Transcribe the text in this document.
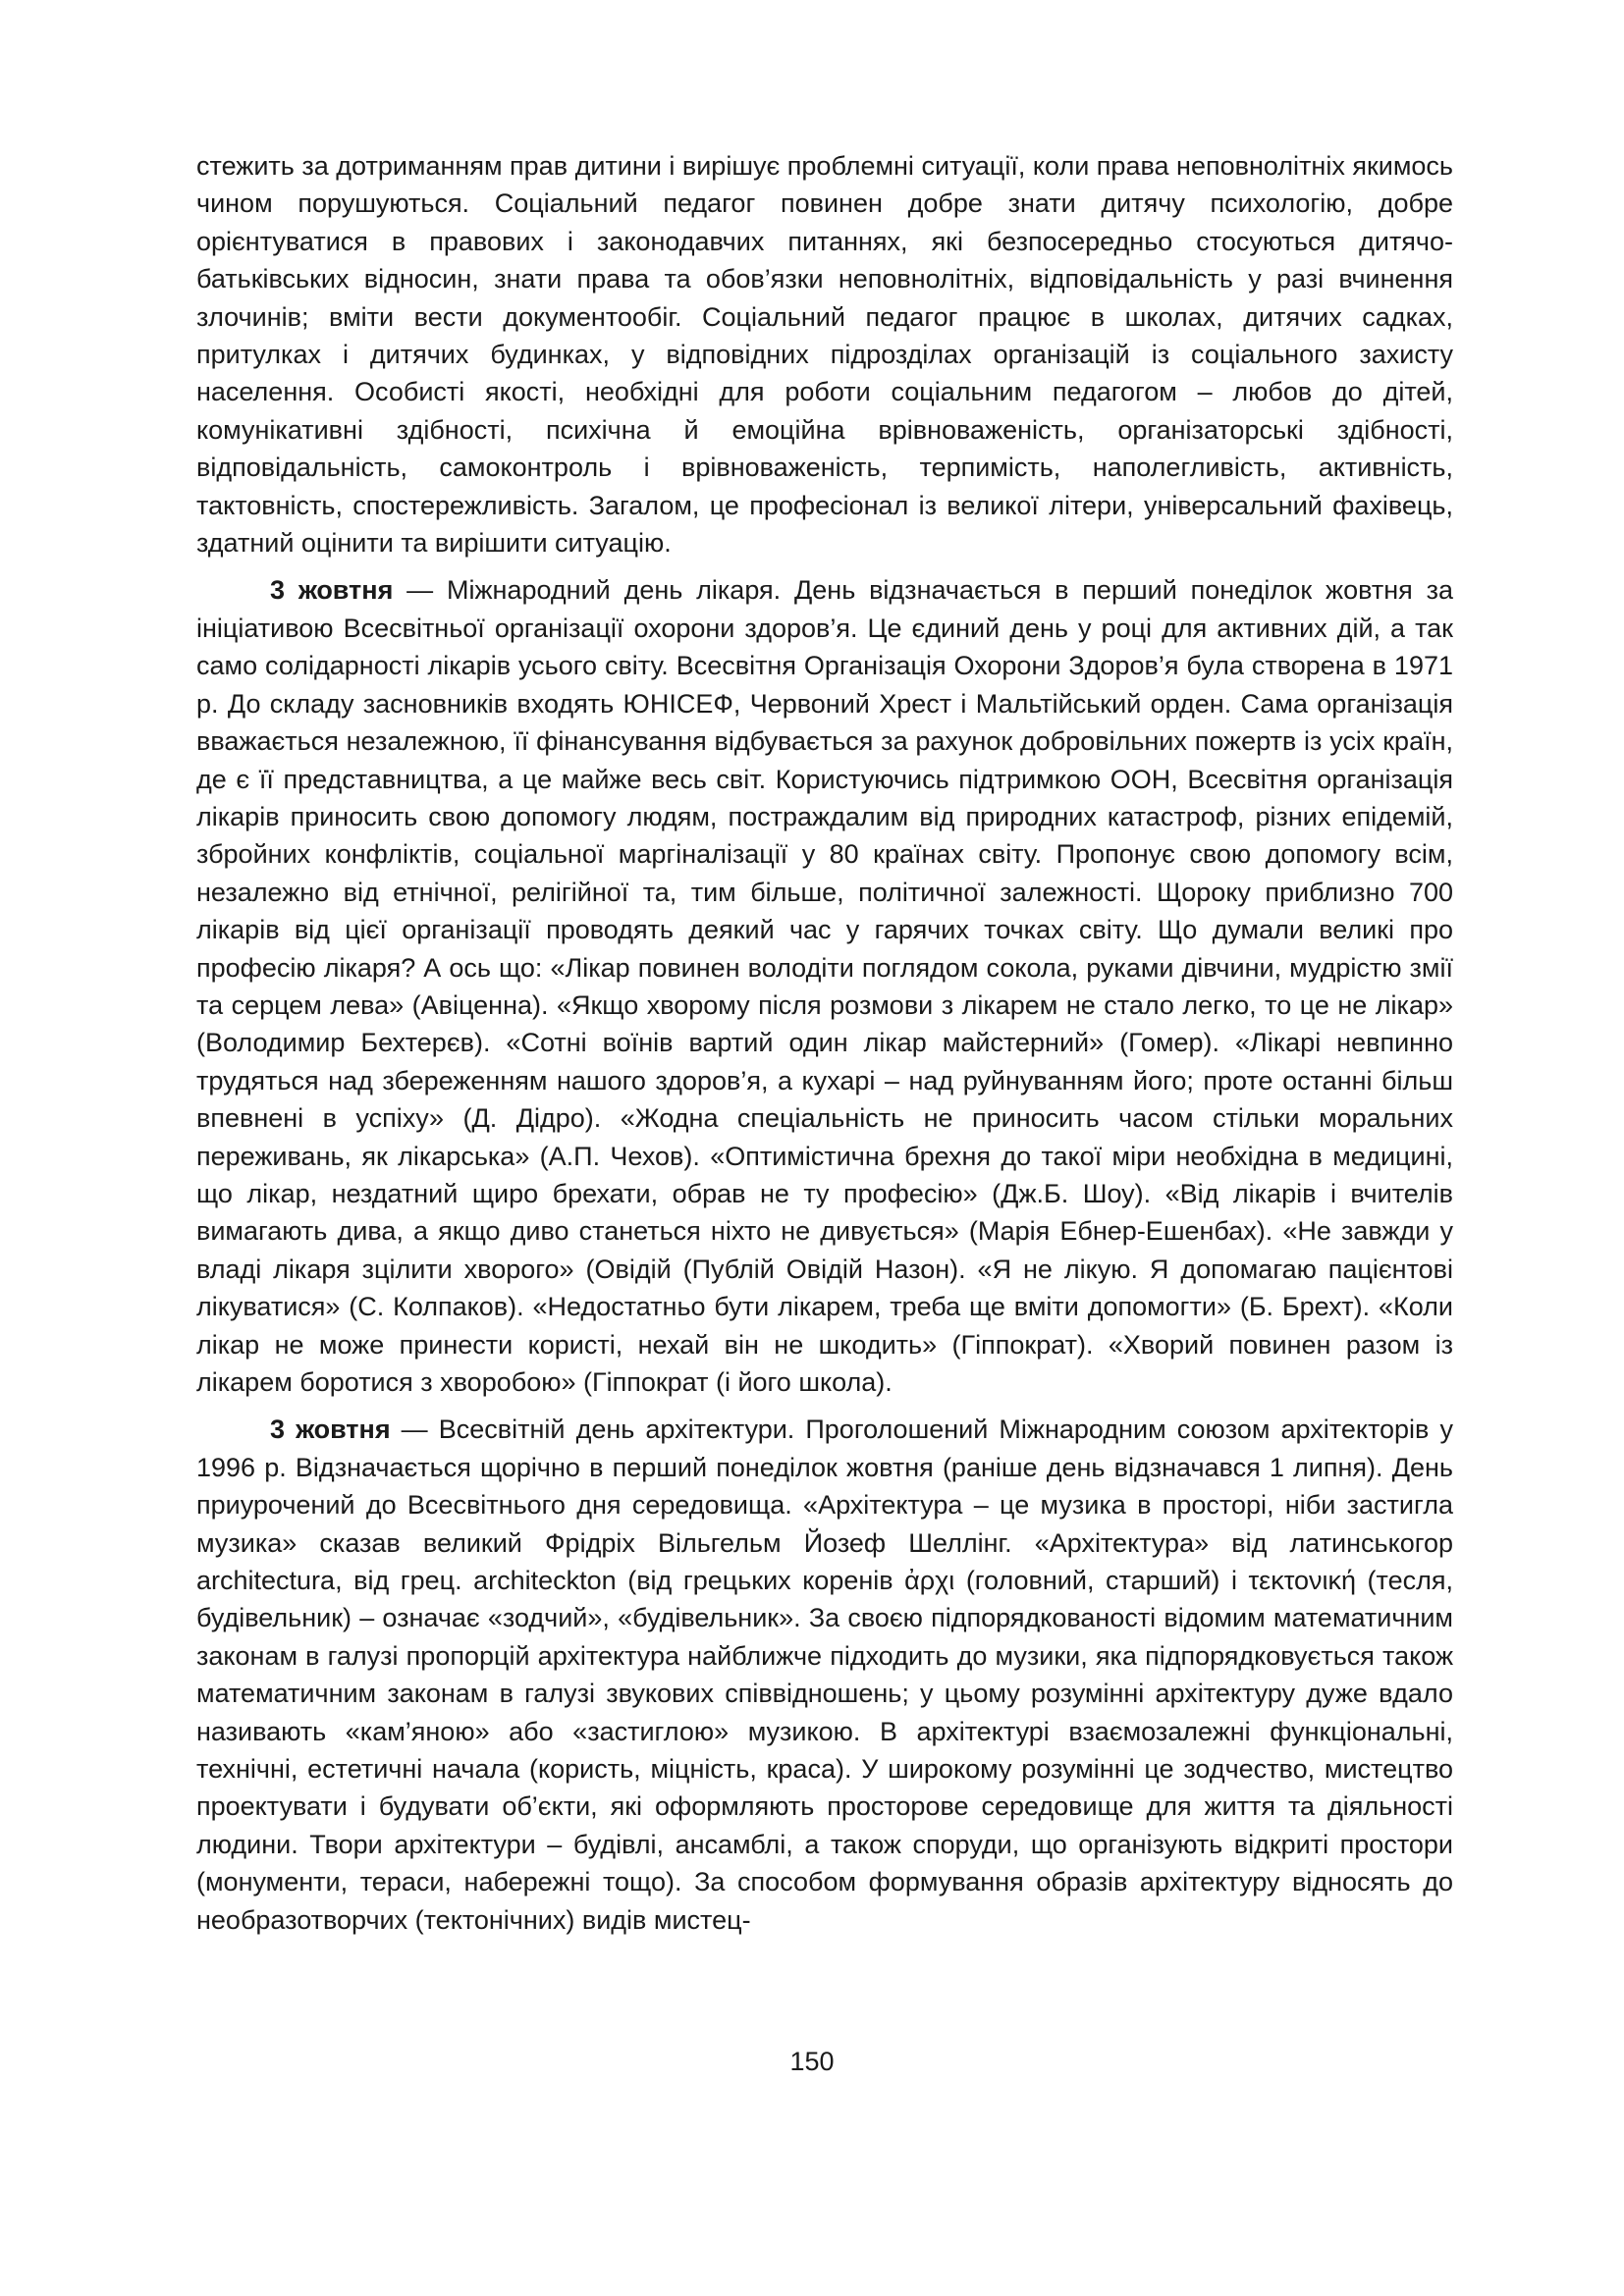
стежить за дотриманням прав дитини і вирішує проблемні ситуації, коли права неповнолітніх якимось чином порушуються. Соціальний педагог повинен добре знати дитячу психологію, добре орієнтуватися в правових і законодавчих питаннях, які безпосередньо стосуються дитячо-батьківських відносин, знати права та обов’язки неповнолітніх, відповідальність у разі вчинення злочинів; вміти вести документообіг. Соціальний педагог працює в школах, дитячих садках, притулках і дитячих будинках, у відповідних підрозділах організацій із соціального захисту населення. Особисті якості, необхідні для роботи соціальним педагогом – любов до дітей, комунікативні здібності, психічна й емоційна врівноваженість, організаторські здібності, відповідальність, самоконтроль і врівноваженість, терпимість, наполегливість, активність, тактовність, спостережливість. Загалом, це професіонал із великої літери, універсальний фахівець, здатний оцінити та вирішити ситуацію.

3 жовтня — Міжнародний день лікаря. День відзначається в перший понеділок жовтня за ініціативою Всесвітньої організації охорони здоров’я. Це єдиний день у році для активних дій, а так само солідарності лікарів усього світу. Всесвітня Організація Охорони Здоров’я була створена в 1971 р. До складу засновників входять ЮНІСЕФ, Червоний Хрест і Мальтійський орден. Сама організація вважається незалежною, її фінансування відбувається за рахунок добровільних пожертв із усіх країн, де є її представництва, а це майже весь світ. Користуючись підтримкою ООН, Всесвітня організація лікарів приносить свою допомогу людям, постраждалим від природних катастроф, різних епідемій, збройних конфліктів, соціальної маргіналізації у 80 країнах світу. Пропонує свою допомогу всім, незалежно від етнічної, релігійної та, тим більше, політичної залежності. Щороку приблизно 700 лікарів від цієї організації проводять деякий час у гарячих точках світу. Що думали великі про професію лікаря? А ось що: «Лікар повинен володіти поглядом сокола, руками дівчини, мудрістю змії та серцем лева» (Авіценна). «Якщо хворому після розмови з лікарем не стало легко, то це не лікар» (Володимир Бехтерєв). «Сотні воїнів вартий один лікар майстерний» (Гомер). «Лікарі невпинно трудяться над збереженням нашого здоров’я, а кухарі – над руйнуванням його; проте останні більш впевнені в успіху» (Д. Дідро). «Жодна спеціальність не приносить часом стільки моральних переживань, як лікарська» (А.П. Чехов). «Оптимістична брехня до такої міри необхідна в медицині, що лікар, нездатний щиро брехати, обрав не ту професію» (Дж.Б. Шоу). «Від лікарів і вчителів вимагають дива, а якщо диво станеться ніхто не дивується» (Марія Ебнер-Ешенбах). «Не завжди у владі лікаря зцілити хворого» (Овідій (Публій Овідій Назон). «Я не лікую. Я допомагаю пацієнтові лікуватися» (С. Колпаков). «Недостатньо бути лікарем, треба ще вміти допомогти» (Б. Брехт). «Коли лікар не може принести користі, нехай він не шкодить» (Гіппократ). «Хворий повинен разом із лікарем боротися з хворобою» (Гіппократ (і його школа).

3 жовтня — Всесвітній день архітектури. Проголошений Міжнародним союзом архітекторів у 1996 р. Відзначається щорічно в перший понеділок жовтня (раніше день відзначався 1 липня). День приурочений до Всесвітнього дня середовища. «Архітектура – це музика в просторі, ніби застигла музика» сказав великий Фрідріх Вільгельм Йозеф Шеллінг. «Архітектура» від латинськогор architectura, від грец. architeckton (від грецьких коренів ἀρχι (головний, старший) і τεκτονική (тесля, будівельник) – означає «зодчий», «будівельник». За своєю підпорядкованості відомим математичним законам в галузі пропорцій архітектура найближче підходить до музики, яка підпорядковується також математичним законам в галузі звукових співвідношень; у цьому розумінні архітектуру дуже вдало називають «кам’яною» або «застиглою» музикою. В архітектурі взаємозалежні функціональні, технічні, естетичні начала (користь, міцність, краса). У широкому розумінні це зодчество, мистецтво проектувати і будувати об’єкти, які оформляють просторове середовище для життя та діяльності людини. Твори архітектури – будівлі, ансамблі, а також споруди, що організують відкриті простори (монументи, тераси, набережні тощо). За способом формування образів архітектуру відносять до необразотворчих (тектонічних) видів мистец-

150
